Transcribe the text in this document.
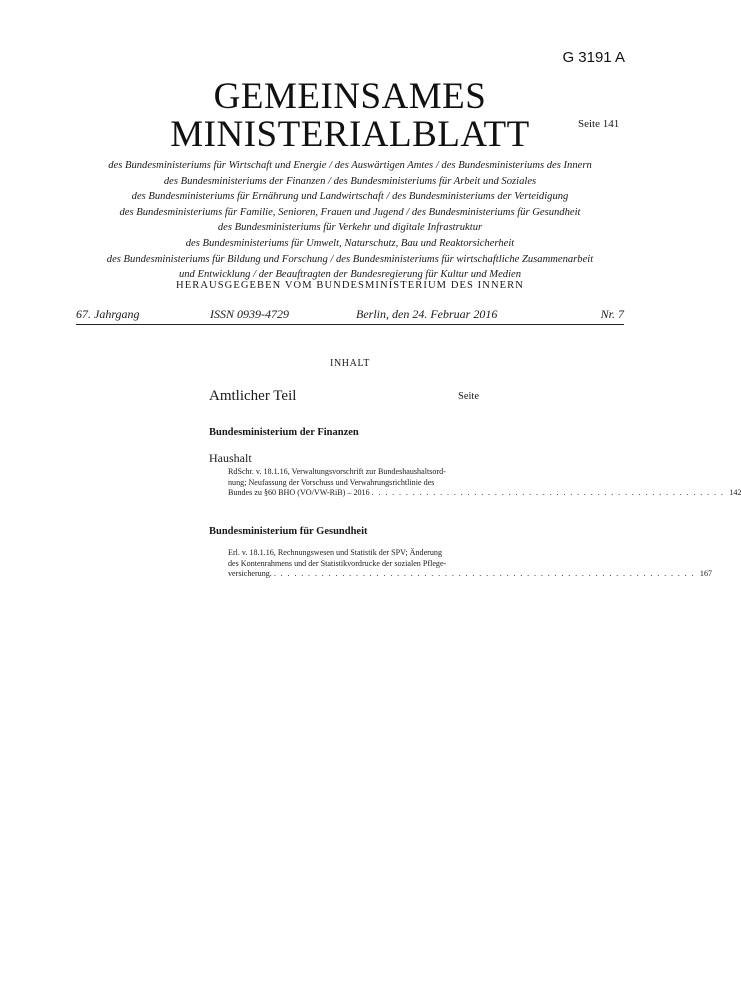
G 3191 A
GEMEINSAMES
MINISTERIALBLATT	Seite 141
des Bundesministeriums für Wirtschaft und Energie / des Auswärtigen Amtes / des Bundesministeriums des Innern
des Bundesministeriums der Finanzen / des Bundesministeriums für Arbeit und Soziales
des Bundesministeriums für Ernährung und Landwirtschaft / des Bundesministeriums der Verteidigung
des Bundesministeriums für Familie, Senioren, Frauen und Jugend / des Bundesministeriums für Gesundheit
des Bundesministeriums für Verkehr und digitale Infrastruktur
des Bundesministeriums für Umwelt, Naturschutz, Bau und Reaktorsicherheit
des Bundesministeriums für Bildung und Forschung / des Bundesministeriums für wirtschaftliche Zusammenarbeit
und Entwicklung / der Beauftragten der Bundesregierung für Kultur und Medien
HERAUSGEGEBEN VOM BUNDESMINISTERIUM DES INNERN
67. Jahrgang	ISSN 0939-4729	Berlin, den 24. Februar 2016	Nr. 7
INHALT
Amtlicher Teil	Seite
Bundesministerium der Finanzen
Haushalt
RdSchr. v. 18.1.16, Verwaltungsvorschrift zur Bundeshaushaltsord-
nung; Neufassung der Vorschuss und Verwahrungsrichtlinie des
Bundes zu §60 BHO (VO/VW-RiB) – 2016 . . . . . . . . . . . . . . . . . . . . . . . . . . . . . . . . . . . . . . . . . . . . . . . . . . . . 142
Bundesministerium für Gesundheit
Erl. v. 18.1.16, Rechnungswesen und Statistik der SPV; Änderung
des Kontenrahmens und der Statistikvordrucke der sozialen Pflege-
versicherung. . . . . . . . . . . . . . . . . . . . . . . . . . . . . . . . . . . . . . . . . . . . . . . . . . . . . . . . . . . . . . . 167
